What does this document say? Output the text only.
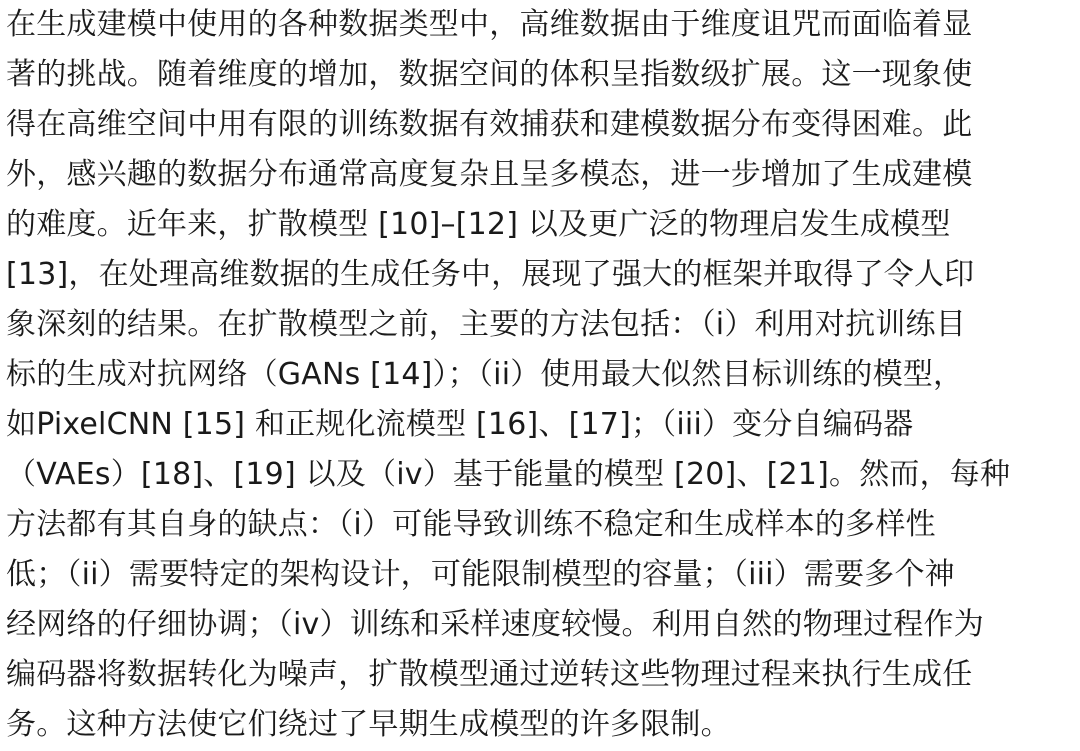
在生成建模中使用的各种数据类型中，高维数据由于维度诅咒而面临着显
著的挑战。随着维度的增加，数据空间的体积呈指数级扩展。这一现象使
得在高维空间中用有限的训练数据有效捕获和建模数据分布变得困难。此
外，感兴趣的数据分布通常高度复杂且呈多模态，进一步增加了生成建模
的难度。近年来，扩散模型 [10]–[12] 以及更广泛的物理启发生成模型
[13]，在处理高维数据的生成任务中，展现了强大的框架并取得了令人印
象深刻的结果。在扩散模型之前，主要的方法包括：（i）利用对抗训练目
标的生成对抗网络（GANs [14]）；（ii）使用最大似然目标训练的模型，
如PixelCNN [15] 和正规化流模型 [16]、[17]；（iii）变分自编码器
（VAEs）[18]、[19] 以及（iv）基于能量的模型 [20]、[21]。然而，每种
方法都有其自身的缺点：（i）可能导致训练不稳定和生成样本的多样性
低；（ii）需要特定的架构设计，可能限制模型的容量；（iii）需要多个神
经网络的仔细协调；（iv）训练和采样速度较慢。利用自然的物理过程作为
编码器将数据转化为噪声，扩散模型通过逆转这些物理过程来执行生成任
务。这种方法使它们绕过了早期生成模型的许多限制。
